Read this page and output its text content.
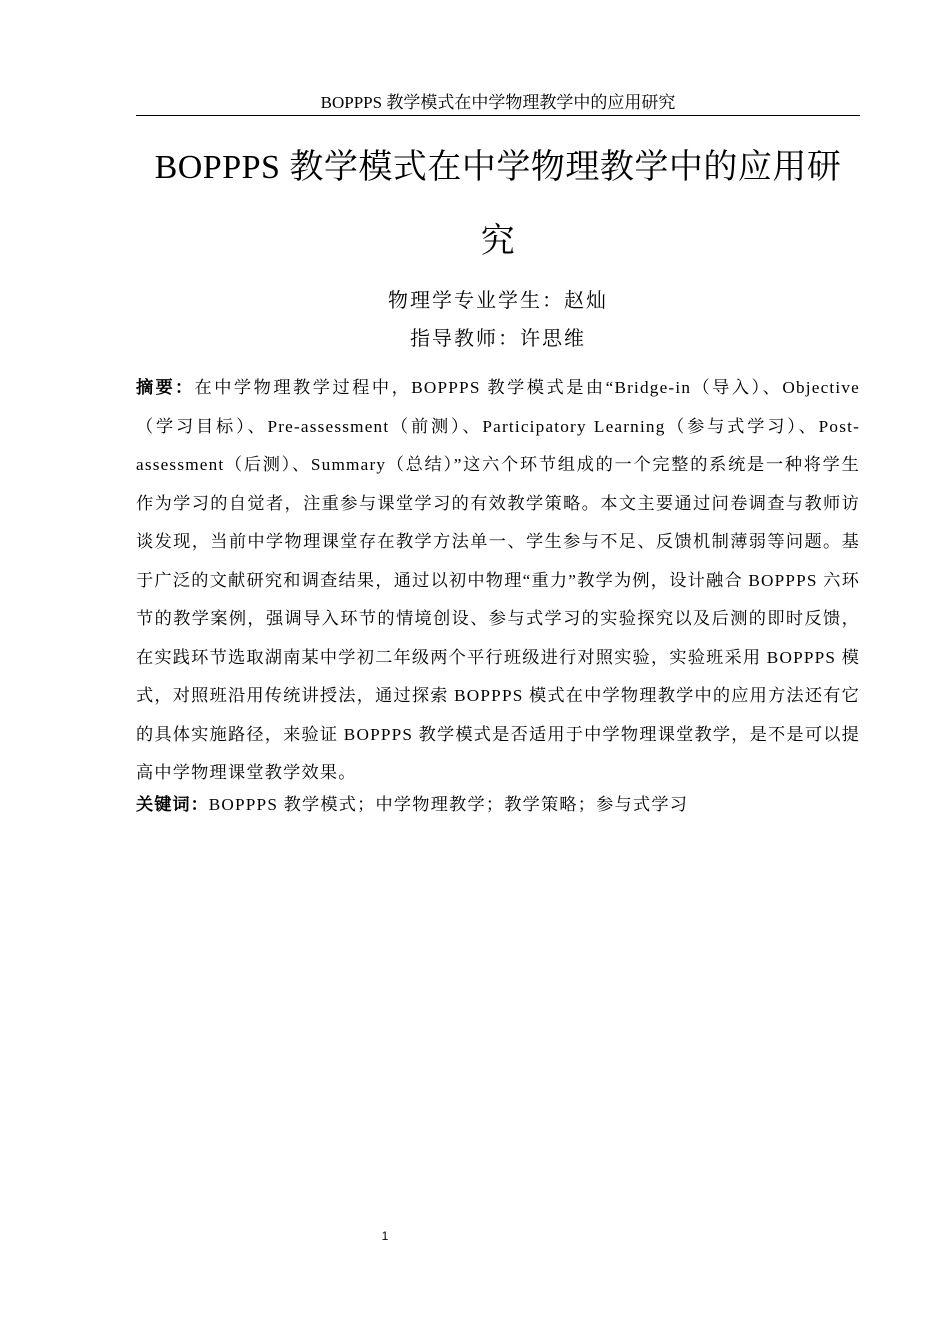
BOPPPS 教学模式在中学物理教学中的应用研究
BOPPPS 教学模式在中学物理教学中的应用研
究
物理学专业学生：赵灿
指导教师：许思维

摘要：在中学物理教学过程中，BOPPPS 教学模式是由“Bridge-in（导入）、Objective（学习目标）、Pre-assessment（前测）、Participatory Learning（参与式学习）、Post-assessment（后测）、Summary（总结）”这六个环节组成的一个完整的系统是一种将学生作为学习的自觉者，注重参与课堂学习的有效教学策略。本文主要通过问卷调查与教师访谈发现，当前中学物理课堂存在教学方法单一、学生参与不足、反馈机制薄弱等问题。基于广泛的文献研究和调查结果，通过以初中物理“重力”教学为例，设计融合 BOPPPS 六环节的教学案例，强调导入环节的情境创设、参与式学习的实验探究以及后测的即时反馈，在实践环节选取湖南某中学初二年级两个平行班级进行对照实验，实验班采用 BOPPPS 模式，对照班沿用传统讲授法，通过探索 BOPPPS 模式在中学物理教学中的应用方法还有它的具体实施路径，来验证 BOPPPS 教学模式是否适用于中学物理课堂教学，是不是可以提高中学物理课堂教学效果。

关键词：BOPPPS 教学模式；中学物理教学；教学策略；参与式学习

1
